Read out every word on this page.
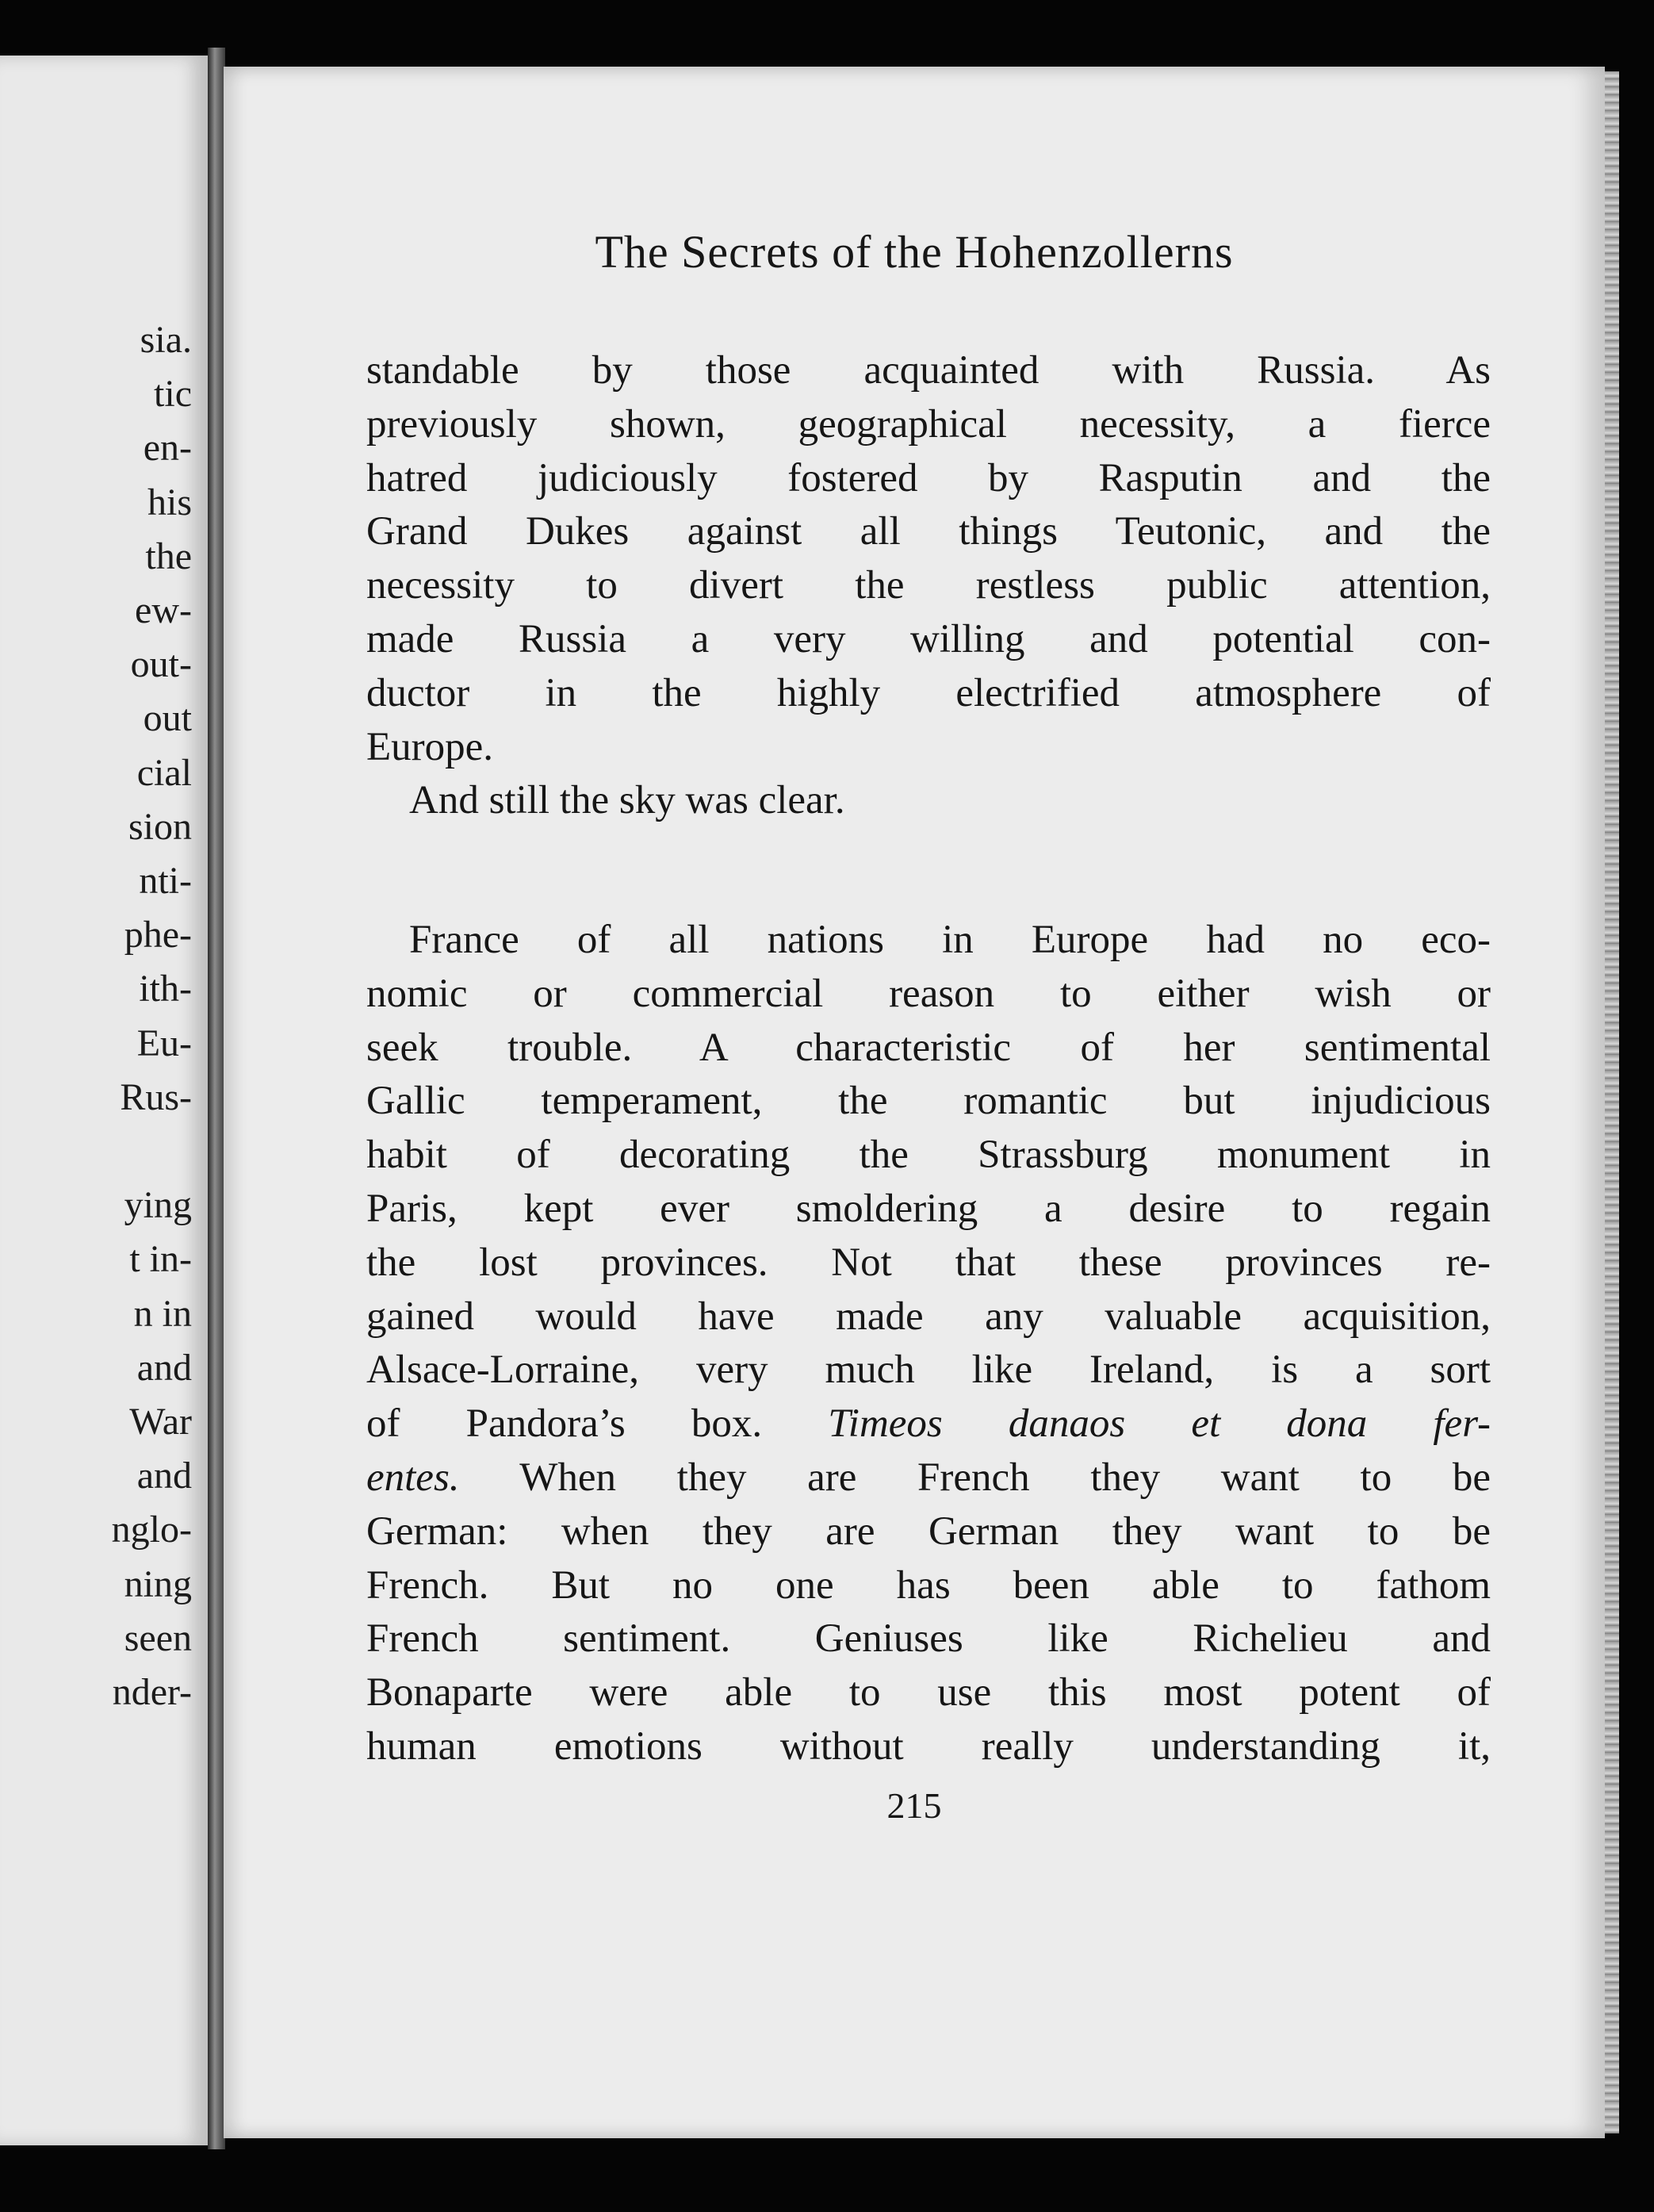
sia.
tic
en-
his
the
ew-
out-
out
cial
sion
nti-
phe-
ith-
Eu-
Rus-
ying
t in-
n in
and
War
and
nglo-
ning
seen
nder-
The Secrets of the Hohenzollerns
standable by those acquainted with Russia. As
previously shown, geographical necessity, a fierce
hatred judiciously fostered by Rasputin and the
Grand Dukes against all things Teutonic, and the
necessity to divert the restless public attention,
made Russia a very willing and potential con-
ductor in the highly electrified atmosphere of
Europe.
And still the sky was clear.
France of all nations in Europe had no eco-
nomic or commercial reason to either wish or
seek trouble. A characteristic of her sentimental
Gallic temperament, the romantic but injudicious
habit of decorating the Strassburg monument in
Paris, kept ever smoldering a desire to regain
the lost provinces. Not that these provinces re-
gained would have made any valuable acquisition,
Alsace-Lorraine, very much like Ireland, is a sort
of Pandora’s box. Timeos danaos et dona fer-
entes. When they are French they want to be
German: when they are German they want to be
French. But no one has been able to fathom
French sentiment. Geniuses like Richelieu and
Bonaparte were able to use this most potent of
human emotions without really understanding it,
215
